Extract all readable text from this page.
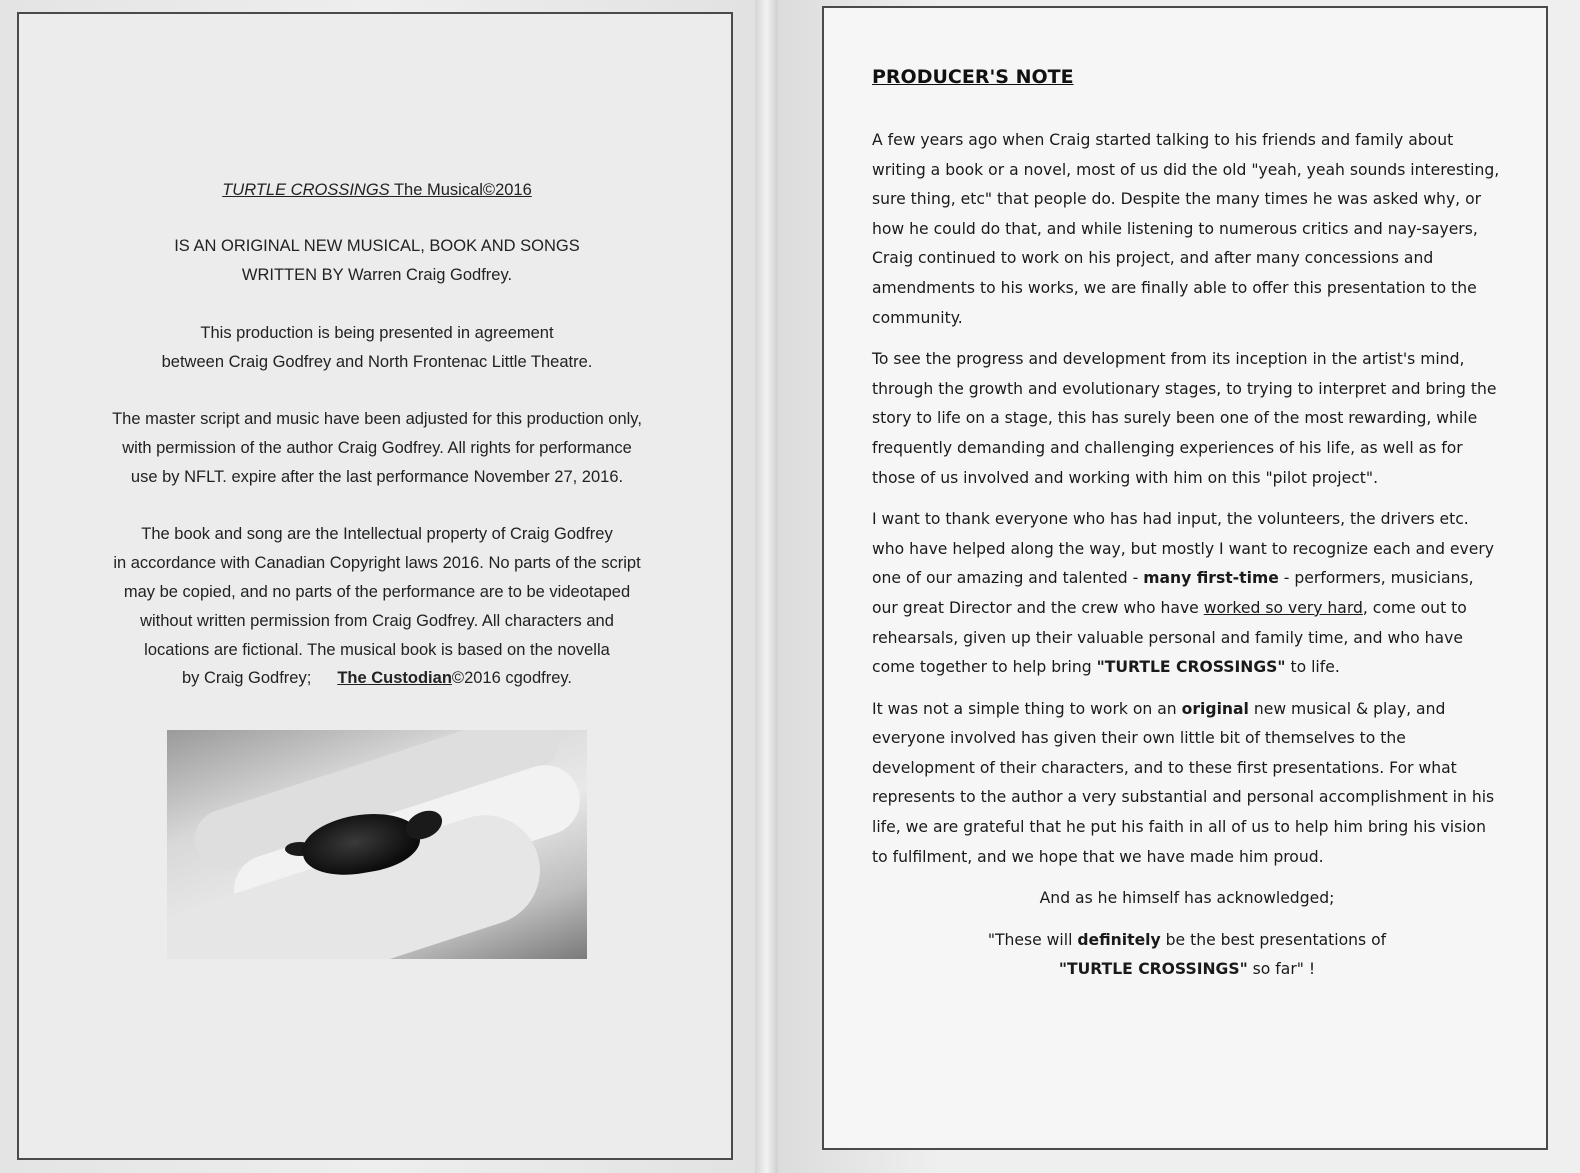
TURTLE CROSSINGS The Musical©2016
IS AN ORIGINAL NEW MUSICAL, BOOK AND SONGS
WRITTEN BY Warren Craig Godfrey.
This production is being presented in agreement
between Craig Godfrey and North Frontenac Little Theatre.
The master script and music have been adjusted for this production only,
with permission of the author Craig Godfrey. All rights for performance
use by NFLT. expire after the last performance November 27, 2016.
The book and song are the Intellectual property of Craig Godfrey
in accordance with Canadian Copyright laws 2016. No parts of the script
may be copied, and no parts of the performance are to be videotaped
without written permission from Craig Godfrey. All characters and
locations are fictional. The musical book is based on the novella
by Craig Godfrey; The Custodian©2016 cgodfrey.
PRODUCER'S NOTE

A few years ago when Craig started talking to his friends and family about writing a book or a novel, most of us did the old "yeah, yeah sounds interesting, sure thing, etc" that people do. Despite the many times he was asked why, or how he could do that, and while listening to numerous critics and nay-sayers, Craig continued to work on his project, and after many concessions and amendments to his works, we are finally able to offer this presentation to the community.

To see the progress and development from its inception in the artist's mind, through the growth and evolutionary stages, to trying to interpret and bring the story to life on a stage, this has surely been one of the most rewarding, while frequently demanding and challenging experiences of his life, as well as for those of us involved and working with him on this "pilot project".

I want to thank everyone who has had input, the volunteers, the drivers etc. who have helped along the way, but mostly I want to recognize each and every one of our amazing and talented - many first-time - performers, musicians, our great Director and the crew who have worked so very hard, come out to rehearsals, given up their valuable personal and family time, and who have come together to help bring "TURTLE CROSSINGS" to life.

It was not a simple thing to work on an original new musical & play, and everyone involved has given their own little bit of themselves to the development of their characters, and to these first presentations. For what represents to the author a very substantial and personal accomplishment in his life, we are grateful that he put his faith in all of us to help him bring his vision to fulfilment, and we hope that we have made him proud.

And as he himself has acknowledged;

"These will definitely be the best presentations of
"TURTLE CROSSINGS" so far" !
